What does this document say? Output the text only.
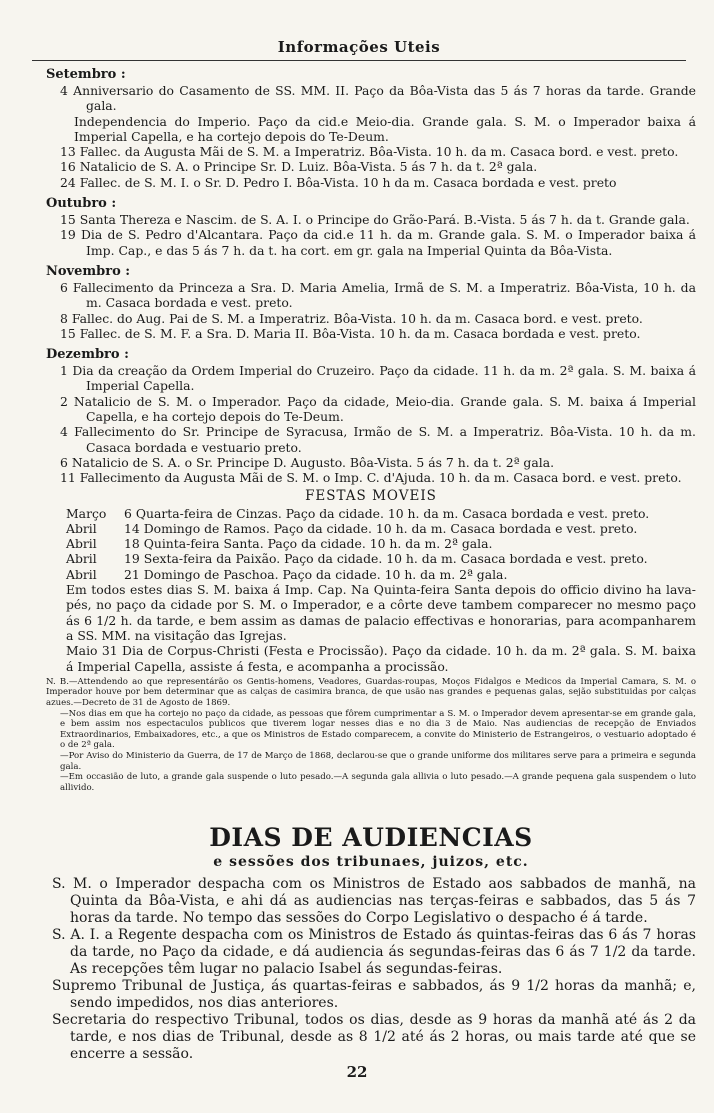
Informações Uteis
Setembro :
4 Anniversario do Casamento de SS. MM. II. Paço da Bôa-Vista das 5 ás 7 horas da tarde. Grande gala.
Independencia do Imperio. Paço da cid.e Meio-dia. Grande gala. S. M. o Imperador baixa á Imperial Capella, e ha cortejo depois do Te-Deum.
13 Fallec. da Augusta Mãi de S. M. a Imperatriz. Bôa-Vista. 10 h. da m. Casaca bord. e vest. preto.
16 Natalicio de S. A. o Principe Sr. D. Luiz. Bôa-Vista. 5 ás 7 h. da t. 2ª gala.
24 Fallec. de S. M. I. o Sr. D. Pedro I. Bôa-Vista. 10 h da m. Casaca bordada e vest. preto
Outubro :
15 Santa Thereza e Nascim. de S. A. I. o Principe do Grão-Pará. B.-Vista. 5 ás 7 h. da t. Grande gala.
19 Dia de S. Pedro d'Alcantara. Paço da cid.e 11 h. da m. Grande gala. S. M. o Imperador baixa á Imp. Cap., e das 5 ás 7 h. da t. ha cort. em gr. gala na Imperial Quinta da Bôa-Vista.
Novembro :
6 Fallecimento da Princeza a Sra. D. Maria Amelia, Irmã de S. M. a Imperatriz. Bôa-Vista, 10 h. da m. Casaca bordada e vest. preto.
8 Fallec. do Aug. Pai de S. M. a Imperatriz. Bôa-Vista. 10 h. da m. Casaca bord. e vest. preto.
15 Fallec. de S. M. F. a Sra. D. Maria II. Bôa-Vista. 10 h. da m. Casaca bordada e vest. preto.
Dezembro :
1 Dia da creação da Ordem Imperial do Cruzeiro. Paço da cidade. 11 h. da m. 2ª gala. S. M. baixa á Imperial Capella.
2 Natalicio de S. M. o Imperador. Paço da cidade, Meio-dia. Grande gala. S. M. baixa á Imperial Capella, e ha cortejo depois do Te-Deum.
4 Fallecimento do Sr. Principe de Syracusa, Irmão de S. M. a Imperatriz. Bôa-Vista. 10 h. da m. Casaca bordada e vestuario preto.
6 Natalicio de S. A. o Sr. Principe D. Augusto. Bôa-Vista. 5 ás 7 h. da t. 2ª gala.
11 Fallecimento da Augusta Mãi de S. M. o Imp. C. d'Ajuda. 10 h. da m. Casaca bord. e vest. preto.
FESTAS MOVEIS
Março 6 Quarta-feira de Cinzas. Paço da cidade. 10 h. da m. Casaca bordada e vest. preto.
Abril 14 Domingo de Ramos. Paço da cidade. 10 h. da m. Casaca bordada e vest. preto.
Abril 18 Quinta-feira Santa. Paço da cidade. 10 h. da m. 2ª gala.
Abril 19 Sexta-feira da Paixão. Paço da cidade. 10 h. da m. Casaca bordada e vest. preto.
Abril 21 Domingo de Paschoa. Paço da cidade. 10 h. da m. 2ª gala.
Em todos estes dias S. M. baixa á Imp. Cap. Na Quinta-feira Santa depois do officio divino ha lava-pés, no paço da cidade por S. M. o Imperador, e a côrte deve tambem comparecer no mesmo paço ás 6 1/2 h. da tarde, e bem assim as damas de palacio effectivas e honorarias, para acompanharem a SS. MM. na visitação das Igrejas.
Maio 31 Dia de Corpus-Christi (Festa e Procissão). Paço da cidade. 10 h. da m. 2ª gala. S. M. baixa á Imperial Capella, assiste á festa, e acompanha a procissão.

N. B.—Attendendo ao que representárão os Gentis-homens, Veadores, Guardas-roupas, Moços Fidalgos e Medicos da Imperial Camara, S. M. o Imperador houve por bem determinar que as calças de casimira branca, de que usão nas grandes e pequenas galas, sejão substituidas por calças azues.—Decreto de 31 de Agosto de 1869.

—Nos dias em que ha cortejo no paço da cidade, as pessoas que fôrem cumprimentar a S. M. o Imperador devem apresentar-se em grande gala, e bem assim nos espectaculos publicos que tiverem logar nesses dias e no dia 3 de Maio. Nas audiencias de recepção de Enviados Extraordinarios, Embaixadores, etc., a que os Ministros de Estado comparecem, a convite do Ministerio de Estrangeiros, o vestuario adoptado é o de 2ª gala.

—Por Aviso do Ministerio da Guerra, de 17 de Março de 1868, declarou-se que o grande uniforme dos militares serve para a primeira e segunda gala.

—Em occasião de luto, a grande gala suspende o luto pesado.—A segunda gala allivia o luto pesado.—A grande pequena gala suspendem o luto allivido.

DIAS DE AUDIENCIAS
e sessões dos tribunaes, juizos, etc.
S. M. o Imperador despacha com os Ministros de Estado aos sabbados de manhã, na Quinta da Bôa-Vista, e ahi dá as audiencias nas terças-feiras e sabbados, das 5 ás 7 horas da tarde. No tempo das sessões do Corpo Legislativo o despacho é á tarde.
S. A. I. a Regente despacha com os Ministros de Estado ás quintas-feiras das 6 ás 7 horas da tarde, no Paço da cidade, e dá audiencia ás segundas-feiras das 6 ás 7 1/2 da tarde. As recepções têm lugar no palacio Isabel ás segundas-feiras.
Supremo Tribunal de Justiça, ás quartas-feiras e sabbados, ás 9 1/2 horas da manhã; e, sendo impedidos, nos dias anteriores.
Secretaria do respectivo Tribunal, todos os dias, desde as 9 horas da manhã até ás 2 da tarde, e nos dias de Tribunal, desde as 8 1/2 até ás 2 horas, ou mais tarde até que se encerre a sessão.
22
